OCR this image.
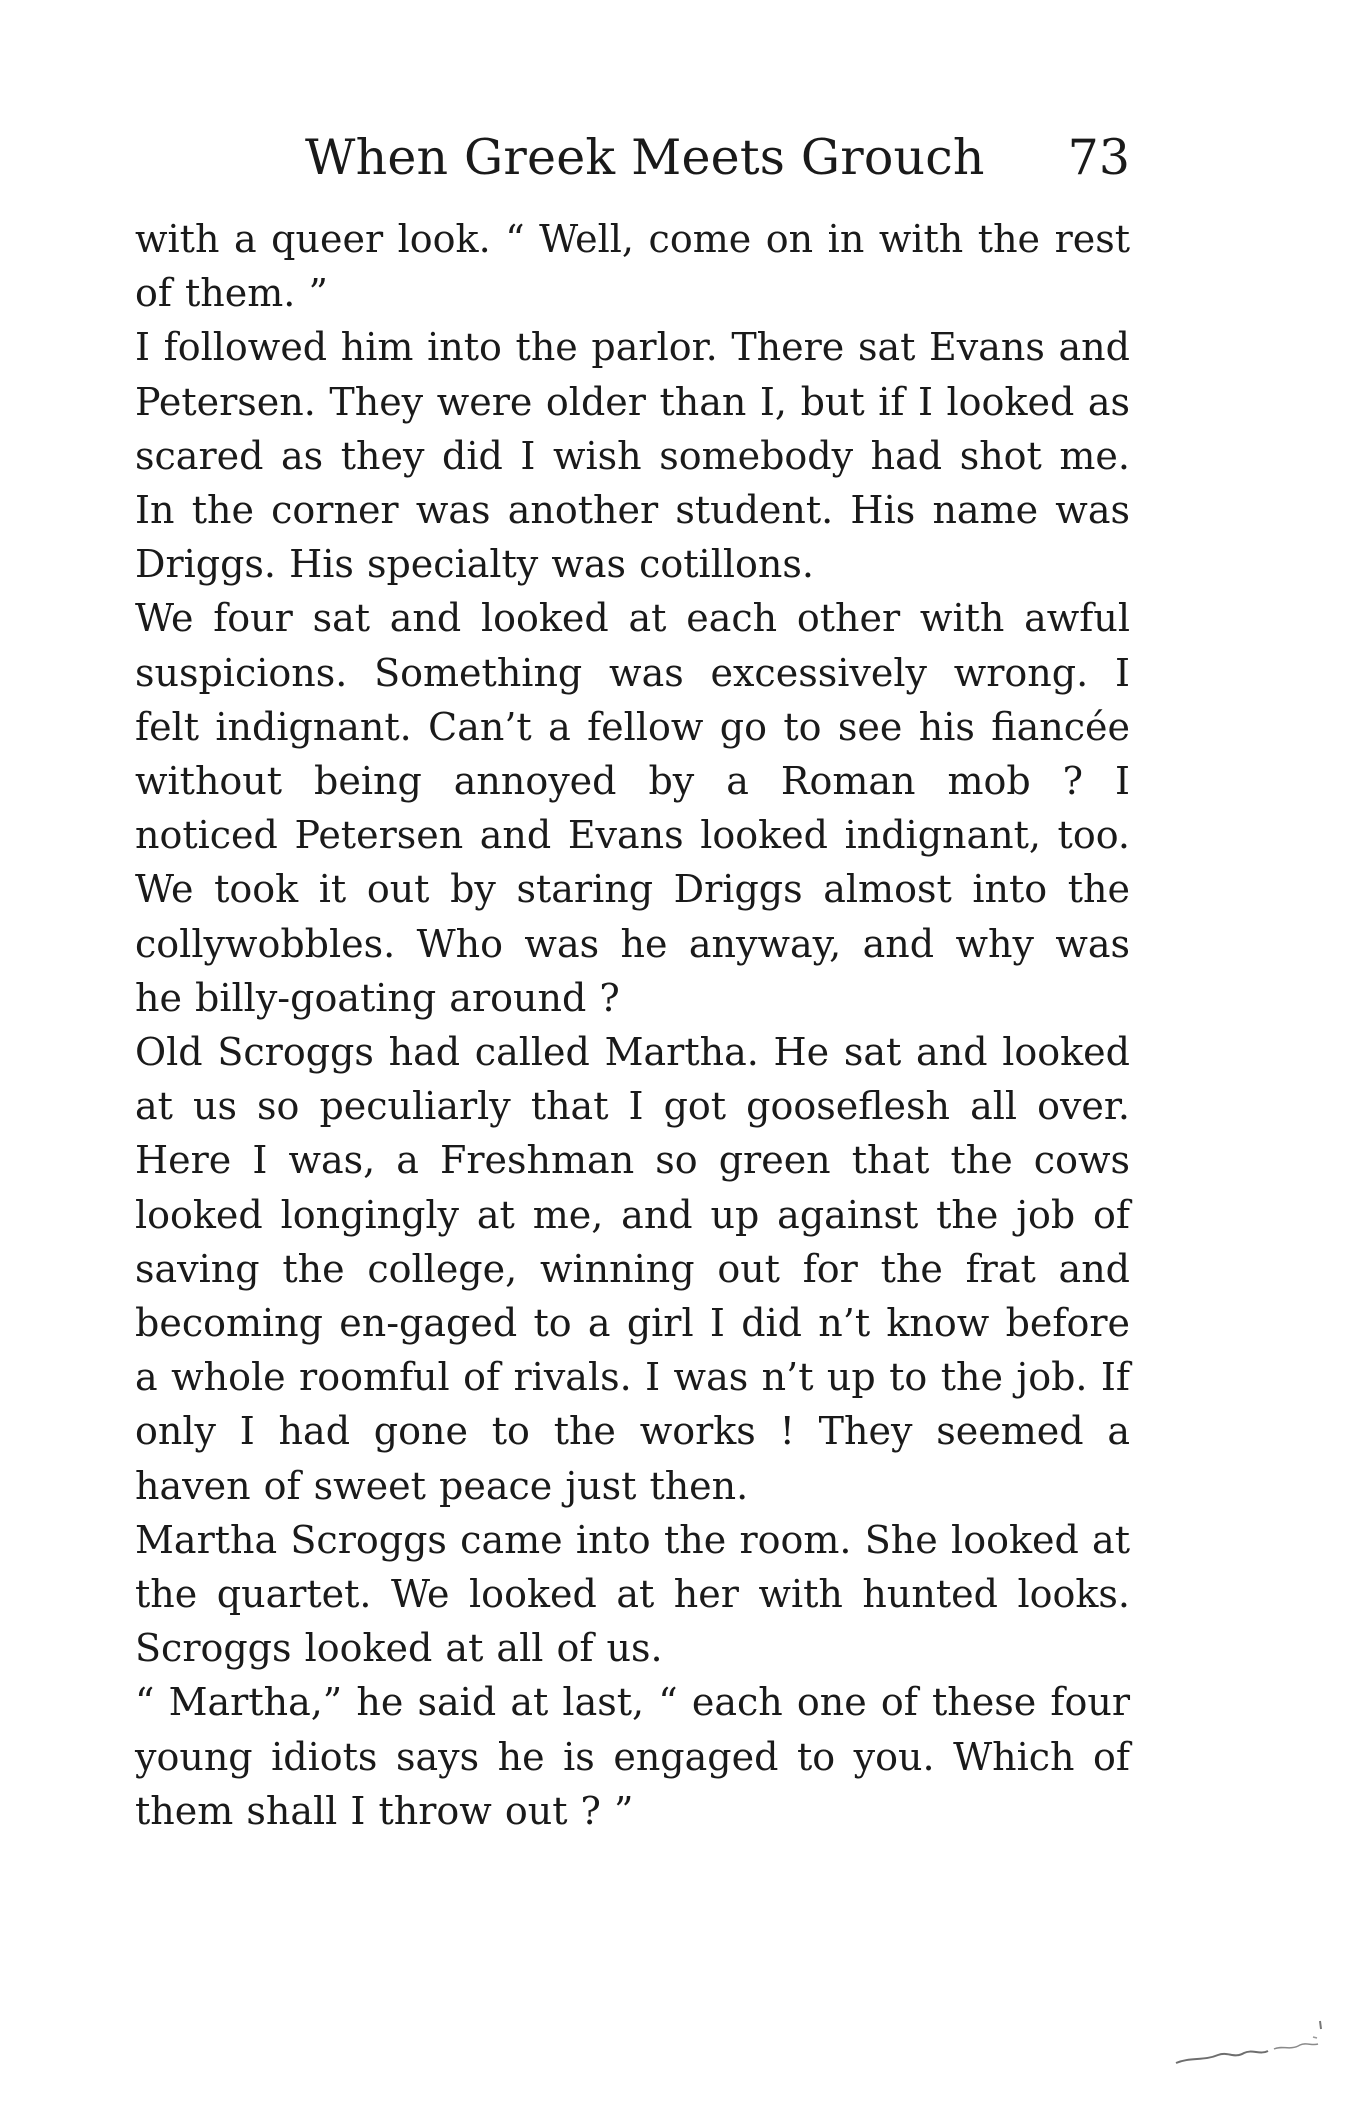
When Greek Meets Grouch 73

with a queer look. “ Well, come on in with the rest of them. ”

I followed him into the parlor. There sat Evans and Petersen. They were older than I, but if I looked as scared as they did I wish somebody had shot me. In the corner was another student. His name was Driggs. His specialty was cotillons.

We four sat and looked at each other with awful suspicions. Something was excessively wrong. I felt indignant. Can’t a fellow go to see his fiancée without being annoyed by a Roman mob ? I noticed Petersen and Evans looked indignant, too. We took it out by staring Driggs almost into the collywobbles. Who was he anyway, and why was he billy-goating around ?

Old Scroggs had called Martha. He sat and looked at us so peculiarly that I got gooseflesh all over. Here I was, a Freshman so green that the cows looked longingly at me, and up against the job of saving the college, winning out for the frat and becoming en-gaged to a girl I did n’t know before a whole roomful of rivals. I was n’t up to the job. If only I had gone to the works ! They seemed a haven of sweet peace just then.

Martha Scroggs came into the room. She looked at the quartet. We looked at her with hunted looks. Scroggs looked at all of us.

“ Martha,” he said at last, “ each one of these four young idiots says he is engaged to you. Which of them shall I throw out ? ”
